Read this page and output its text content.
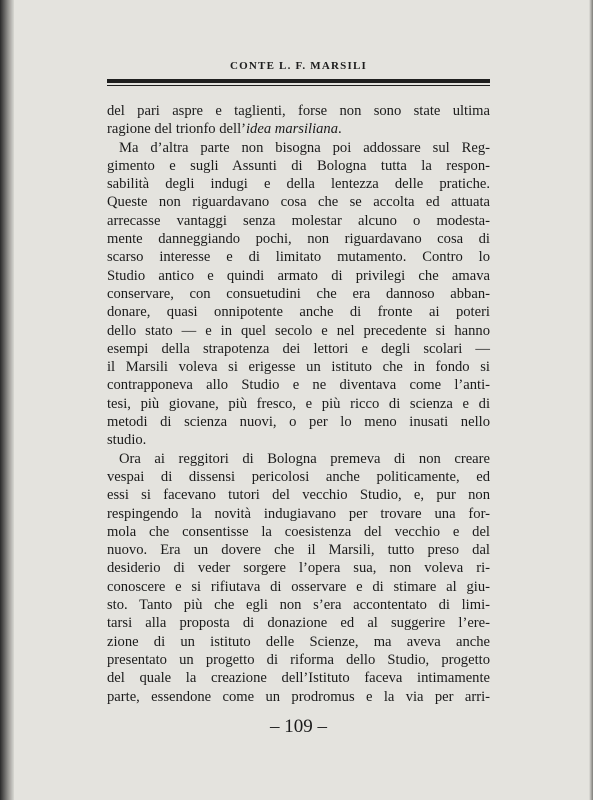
CONTE L. F. MARSILI
del pari aspre e taglienti, forse non sono state ultima
ragione del trionfo dell’idea marsiliana.
Ma d’altra parte non bisogna poi addossare sul Reg-
gimento e sugli Assunti di Bologna tutta la respon-
sabilità degli indugi e della lentezza delle pratiche.
Queste non riguardavano cosa che se accolta ed attuata
arrecasse vantaggi senza molestar alcuno o modesta-
mente danneggiando pochi, non riguardavano cosa di
scarso interesse e di limitato mutamento. Contro lo
Studio antico e quindi armato di privilegi che amava
conservare, con consuetudini che era dannoso abban-
donare, quasi onnipotente anche di fronte ai poteri
dello stato — e in quel secolo e nel precedente si hanno
esempi della strapotenza dei lettori e degli scolari —
il Marsili voleva si erigesse un istituto che in fondo si
contrapponeva allo Studio e ne diventava come l’anti-
tesi, più giovane, più fresco, e più ricco di scienza e di
metodi di scienza nuovi, o per lo meno inusati nello
studio.
Ora ai reggitori di Bologna premeva di non creare
vespai di dissensi pericolosi anche politicamente, ed
essi si facevano tutori del vecchio Studio, e, pur non
respingendo la novità indugiavano per trovare una for-
mola che consentisse la coesistenza del vecchio e del
nuovo. Era un dovere che il Marsili, tutto preso dal
desiderio di veder sorgere l’opera sua, non voleva ri-
conoscere e si rifiutava di osservare e di stimare al giu-
sto. Tanto più che egli non s’era accontentato di limi-
tarsi alla proposta di donazione ed al suggerire l’ere-
zione di un istituto delle Scienze, ma aveva anche
presentato un progetto di riforma dello Studio, progetto
del quale la creazione dell’Istituto faceva intimamente
parte, essendone come un prodromus e la via per arri-
– 109 –
